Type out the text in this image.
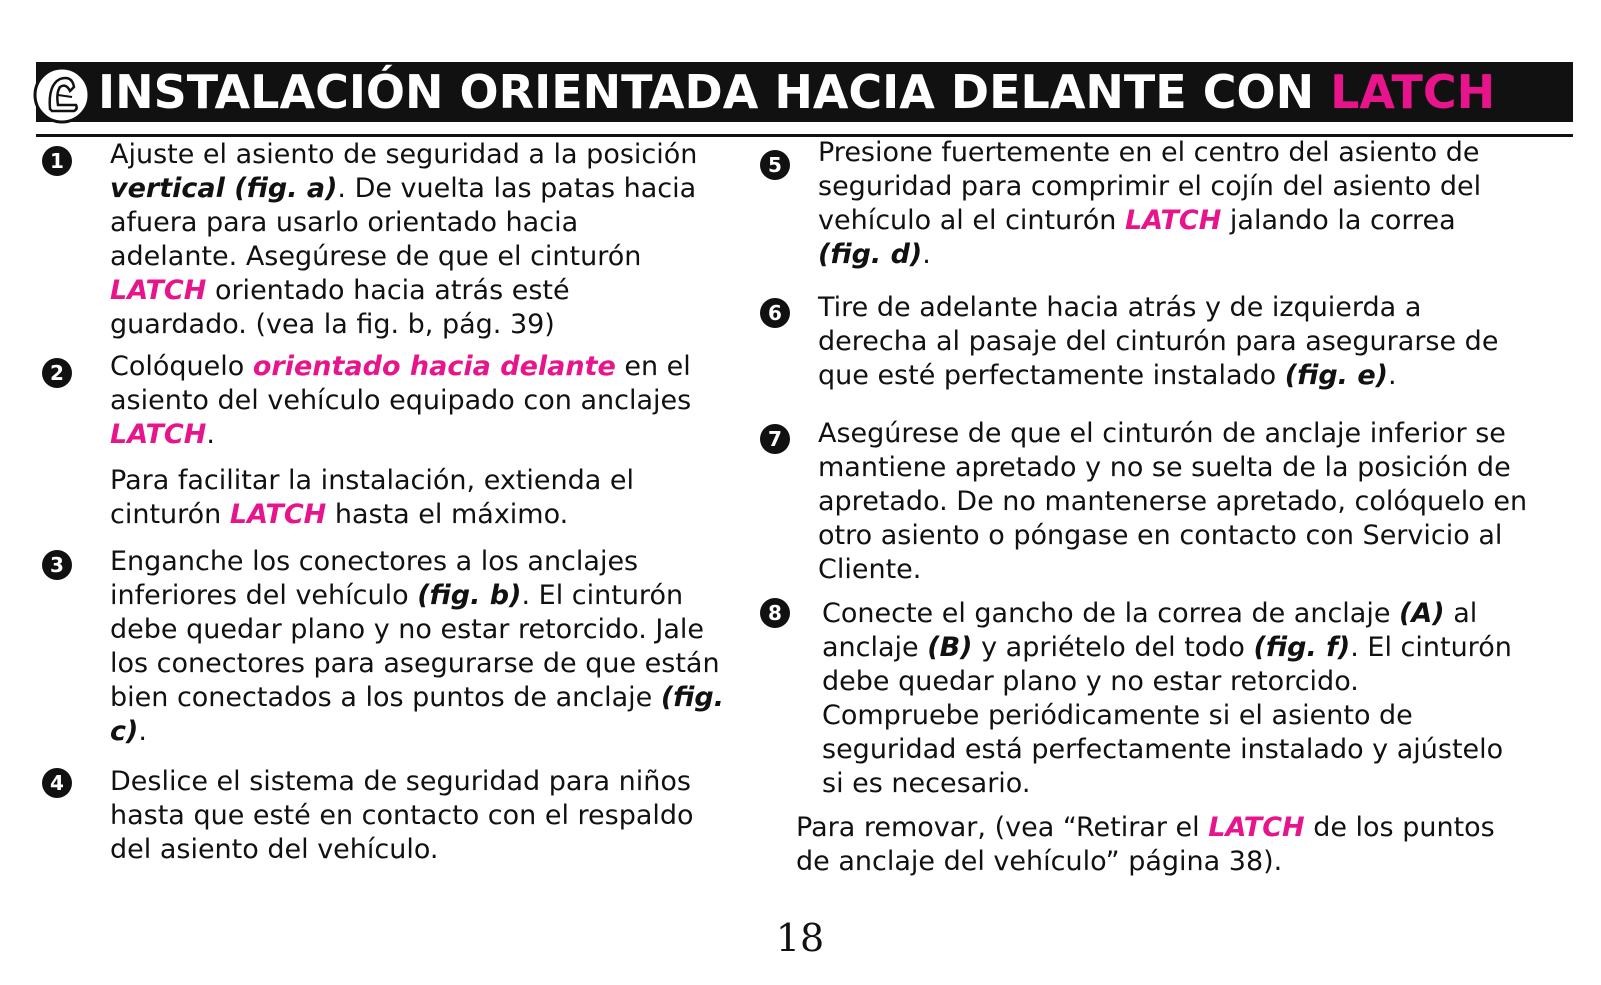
INSTALACIÓN ORIENTADA HACIA DELANTE CON LATCH
1 Ajuste el asiento de seguridad a la posición vertical (fig. a). De vuelta las patas hacia afuera para usarlo orientado hacia adelante. Asegúrese de que el cinturón LATCH orientado hacia atrás esté guardado. (vea la fig. b, pág. 39)
2 Colóquelo orientado hacia delante en el asiento del vehículo equipado con anclajes LATCH.
Para facilitar la instalación, extienda el cinturón LATCH hasta el máximo.
3 Enganche los conectores a los anclajes inferiores del vehículo (fig. b). El cinturón debe quedar plano y no estar retorcido. Jale los conectores para asegurarse de que están bien conectados a los puntos de anclaje (fig. c).
4 Deslice el sistema de seguridad para niños hasta que esté en contacto con el respaldo del asiento del vehículo.
5 Presione fuertemente en el centro del asiento de seguridad para comprimir el cojín del asiento del vehículo al el cinturón LATCH jalando la correa (fig. d).
6 Tire de adelante hacia atrás y de izquierda a derecha al pasaje del cinturón para asegurarse de que esté perfectamente instalado (fig. e).
7 Asegúrese de que el cinturón de anclaje inferior se mantiene apretado y no se suelta de la posición de apretado. De no mantenerse apretado, colóquelo en otro asiento o póngase en contacto con Servicio al Cliente.
8 Conecte el gancho de la correa de anclaje (A) al anclaje (B) y apriételo del todo (fig. f). El cinturón debe quedar plano y no estar retorcido. Compruebe periódicamente si el asiento de seguridad está perfectamente instalado y ajústelo si es necesario.
Para removar, (vea “Retirar el LATCH de los puntos de anclaje del vehículo” página 38).
18
